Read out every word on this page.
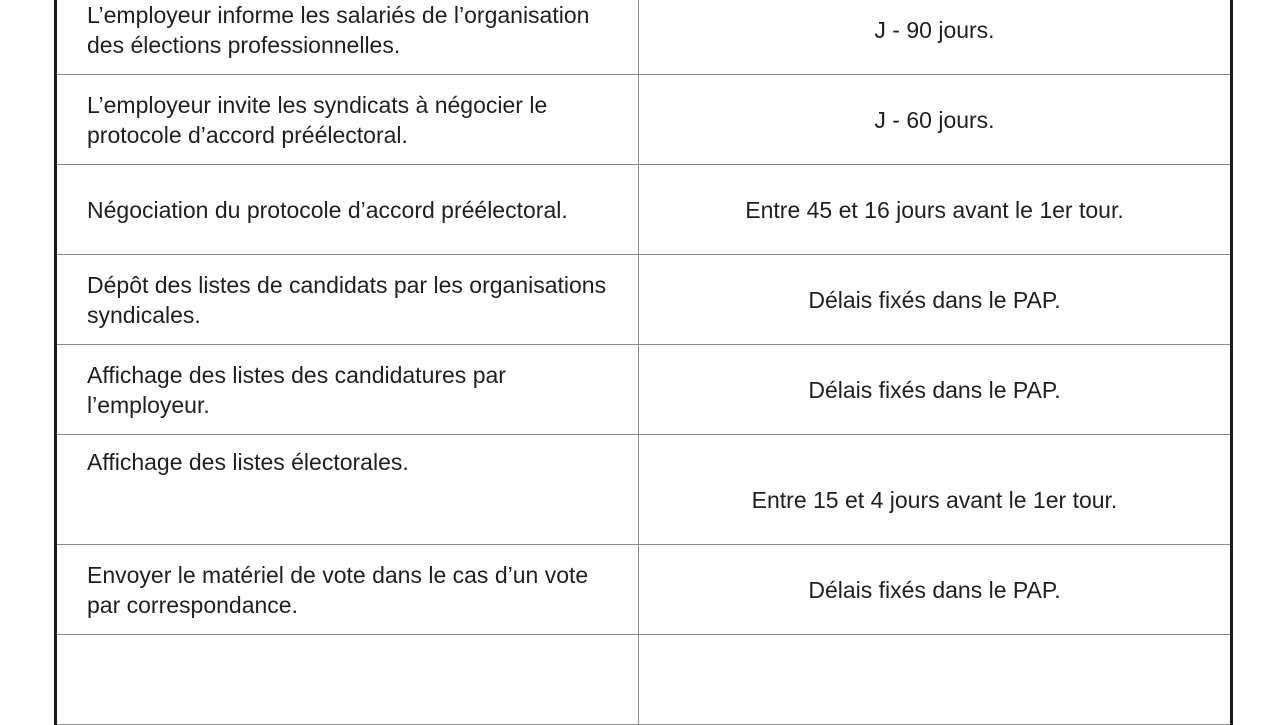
L’employeur informe les salariés de l’organisation des élections professionnelles.	J - 90 jours.
L’employeur invite les syndicats à négocier le protocole d’accord préélectoral.	J - 60 jours.
Négociation du protocole d’accord préélectoral.	Entre 45 et 16 jours avant le 1er tour.
Dépôt des listes de candidats par les organisations syndicales.	Délais fixés dans le PAP.
Affichage des listes des candidatures par l’employeur.	Délais fixés dans le PAP.
Affichage des listes électorales.	Entre 15 et 4 jours avant le 1er tour.
Envoyer le matériel de vote dans le cas d’un vote par correspondance.	Délais fixés dans le PAP.
